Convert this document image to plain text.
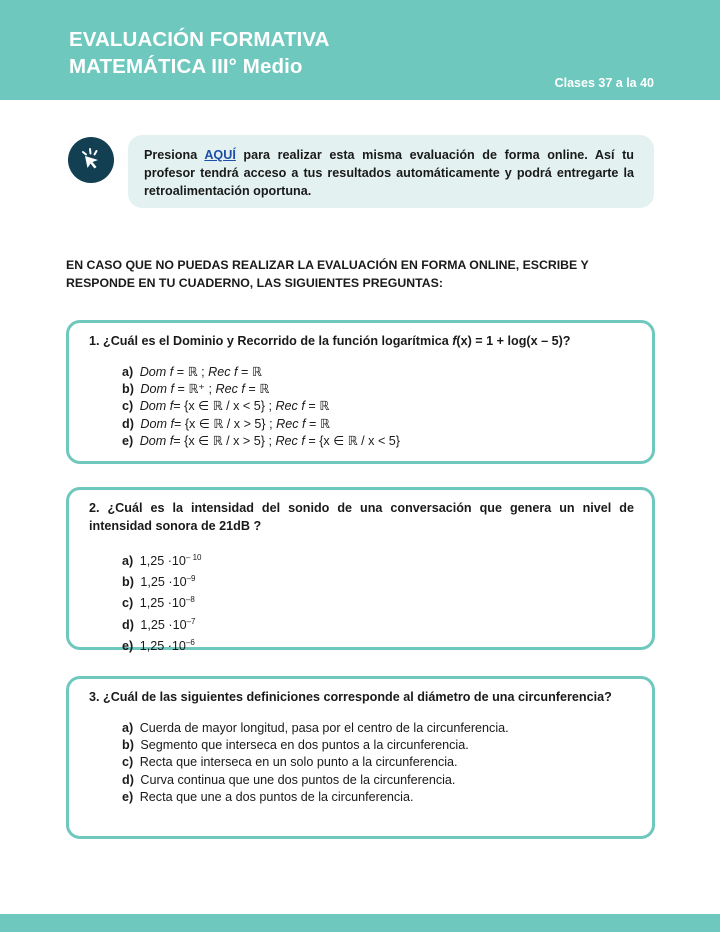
EVALUACIÓN FORMATIVA
MATEMÁTICA III° Medio
Clases 37 a la 40

Presiona AQUÍ para realizar esta misma evaluación de forma online. Así tu profesor tendrá acceso a tus resultados automáticamente y podrá entregarte la retroalimentación oportuna.

EN CASO QUE NO PUEDAS REALIZAR LA EVALUACIÓN EN FORMA ONLINE, ESCRIBE Y RESPONDE EN TU CUADERNO, LAS SIGUIENTES PREGUNTAS:
1. ¿Cuál es el Dominio y Recorrido de la función logarítmica f(x) = 1 + log(x – 5)?
a) Dom f = ℝ ; Rec f = ℝ
b) Dom f = ℝ⁺ ; Rec f = ℝ
c) Dom f= {x ∈ ℝ / x < 5} ; Rec f = ℝ
d) Dom f= {x ∈ ℝ / x > 5} ; Rec f = ℝ
e) Dom f= {x ∈ ℝ / x > 5} ; Rec f = {x ∈ ℝ / x < 5}
2. ¿Cuál es la intensidad del sonido de una conversación que genera un nivel de intensidad sonora de 21dB ?
a) $1,25 \cdot 10^{- 10}$
b) $1,25 \cdot 10^{-9}$
c) $1,25 \cdot 10^{-8}$
d) $1,25 \cdot 10^{-7}$
e) $1,25 \cdot 10^{-6}$
3. ¿Cuál de las siguientes definiciones corresponde al diámetro de una circunferencia?
a) Cuerda de mayor longitud, pasa por el centro de la circunferencia.
b) Segmento que interseca en dos puntos a la circunferencia.
c) Recta que interseca en un solo punto a la circunferencia.
d) Curva continua que une dos puntos de la circunferencia.
e) Recta que une a dos puntos de la circunferencia.
